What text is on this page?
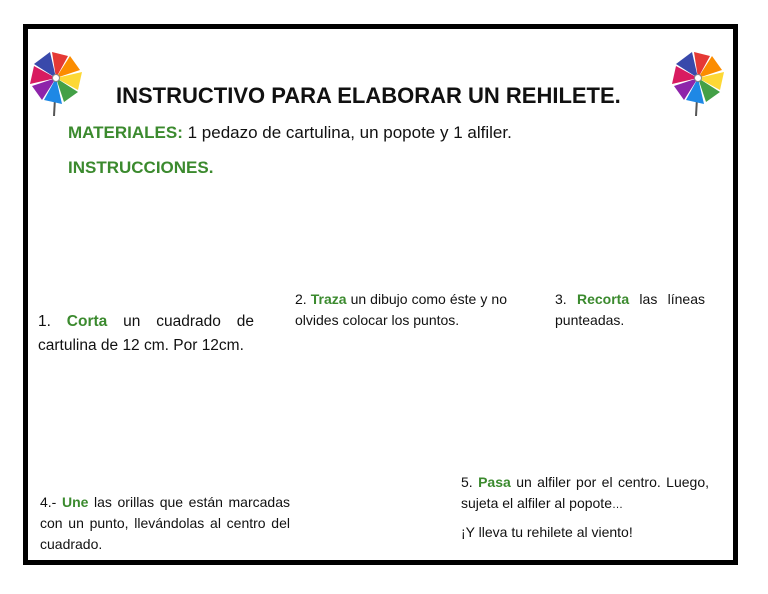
INSTRUCTIVO PARA ELABORAR UN REHILETE.
MATERIALES: 1 pedazo de cartulina, un popote y 1 alfiler.
INSTRUCCIONES.
1. Corta un cuadrado de cartulina de 12 cm. Por 12cm.
2. Traza un dibujo como éste y no olvides colocar los puntos.
3. Recorta las líneas punteadas.
4.- Une las orillas que están marcadas con un punto, llevándolas al centro del cuadrado.
5. Pasa un alfiler por el centro. Luego, sujeta el alfiler al popote…
¡Y lleva tu rehilete al viento!
